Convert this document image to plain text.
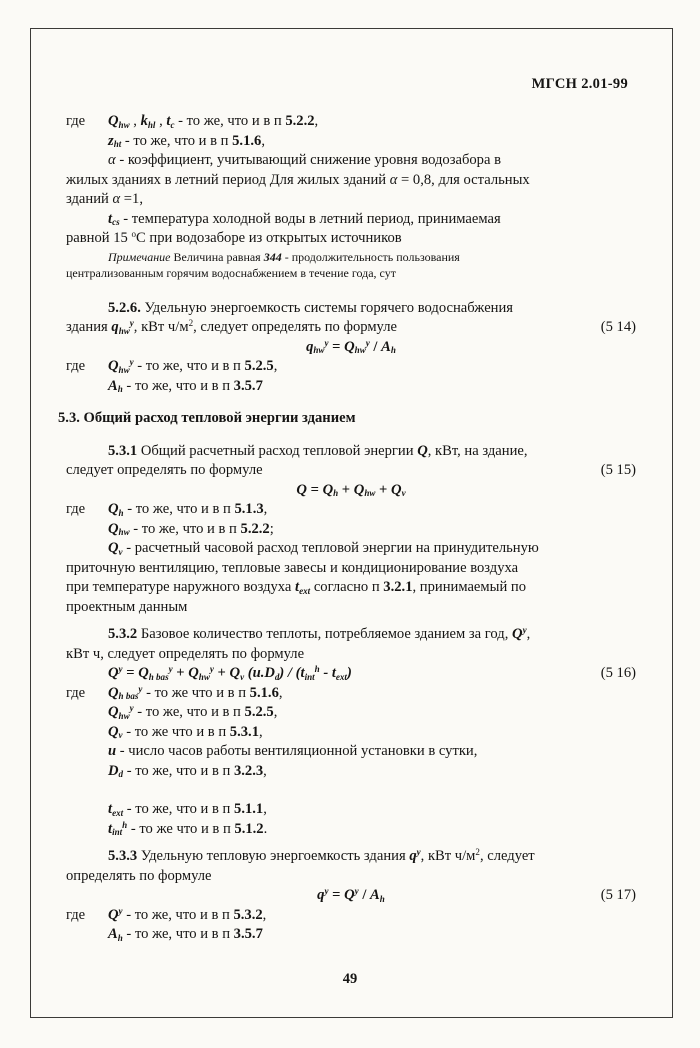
МГСН 2.01-99
где $Q_{hw}$ , $k_{hl}$ , $t_c$ - то же, что и в п 5.2.2,
$z_{ht}$ - то же, что и в п 5.1.6,
α - коэффициент, учитывающий снижение уровня водозабора в
жилых зданиях в летний период Для жилых зданий α = 0,8, для остальных
зданий α =1,
$t_{cs}$ - температура холодной воды в летний период, принимаемая
равной 15 $^о$С при водозаборе из открытых источников
Примечание Величина равная 344 - продолжительность пользования
централизованным горячим водоснабжением в течение года, сут
5.2.6. Удельную энергоемкость системы горячего водоснабжения
здания $q_{hw}^y$, кВт $ч/м^2$, следует определять по формуле	(5 14)
$q_{hw}^y = Q_{hw}^y / A_h$
где $Q_{hw}^y$ - то же, что и в п 5.2.5,
$A_h$ - то же, что и в п 3.5.7
5.3. Общий расход тепловой энергии зданием
5.3.1 Общий расчетный расход тепловой энергии Q, кВт, на здание,
следует определять по формуле	(5 15)
$Q = Q_h + Q_{hw} + Q_v$
где $Q_h$ - то же, что и в п 5.1.3,
$Q_{hw}$ - то же, что и в п 5.2.2;
$Q_v$ - расчетный часовой расход тепловой энергии на принудительную
приточную вентиляцию, тепловые завесы и кондиционирование воздуха
при температуре наружного воздуха $t_{ext}$ согласно п 3.2.1, принимаемый по
проектным данным
5.3.2 Базовое количество теплоты, потребляемое зданием за год, $Q^y$,
кВт ч, следует определять по формуле
$Q^y = Q_{h bas}^y + Q_{hw}^y + Q_v$ $(и.D_d) / (t_{int}^h - t_{ext})$	(5 16)
где $Q_{h bas}^y$ - то же что и в п 5.1.6,
$Q_{hw}^y$ - то же, что и в п 5.2.5,
$Q_v$ - то же что и в п 5.3.1,
и - число часов работы вентиляционной установки в сутки,
$D_d$ - то же, что и в п 3.2.3,
$t_{ext}$ - то же, что и в п 5.1.1,
$t_{int}^h$ - то же что и в п 5.1.2.
5.3.3 Удельную тепловую энергоемкость здания $q^y$, кВт $ч/м^2$, следует
определять по формуле
$q^y = Q^y / A_h$	(5 17)
где $Q^y$ - то же, что и в п 5.3.2,
$A_h$ - то же, что и в п 3.5.7
49
